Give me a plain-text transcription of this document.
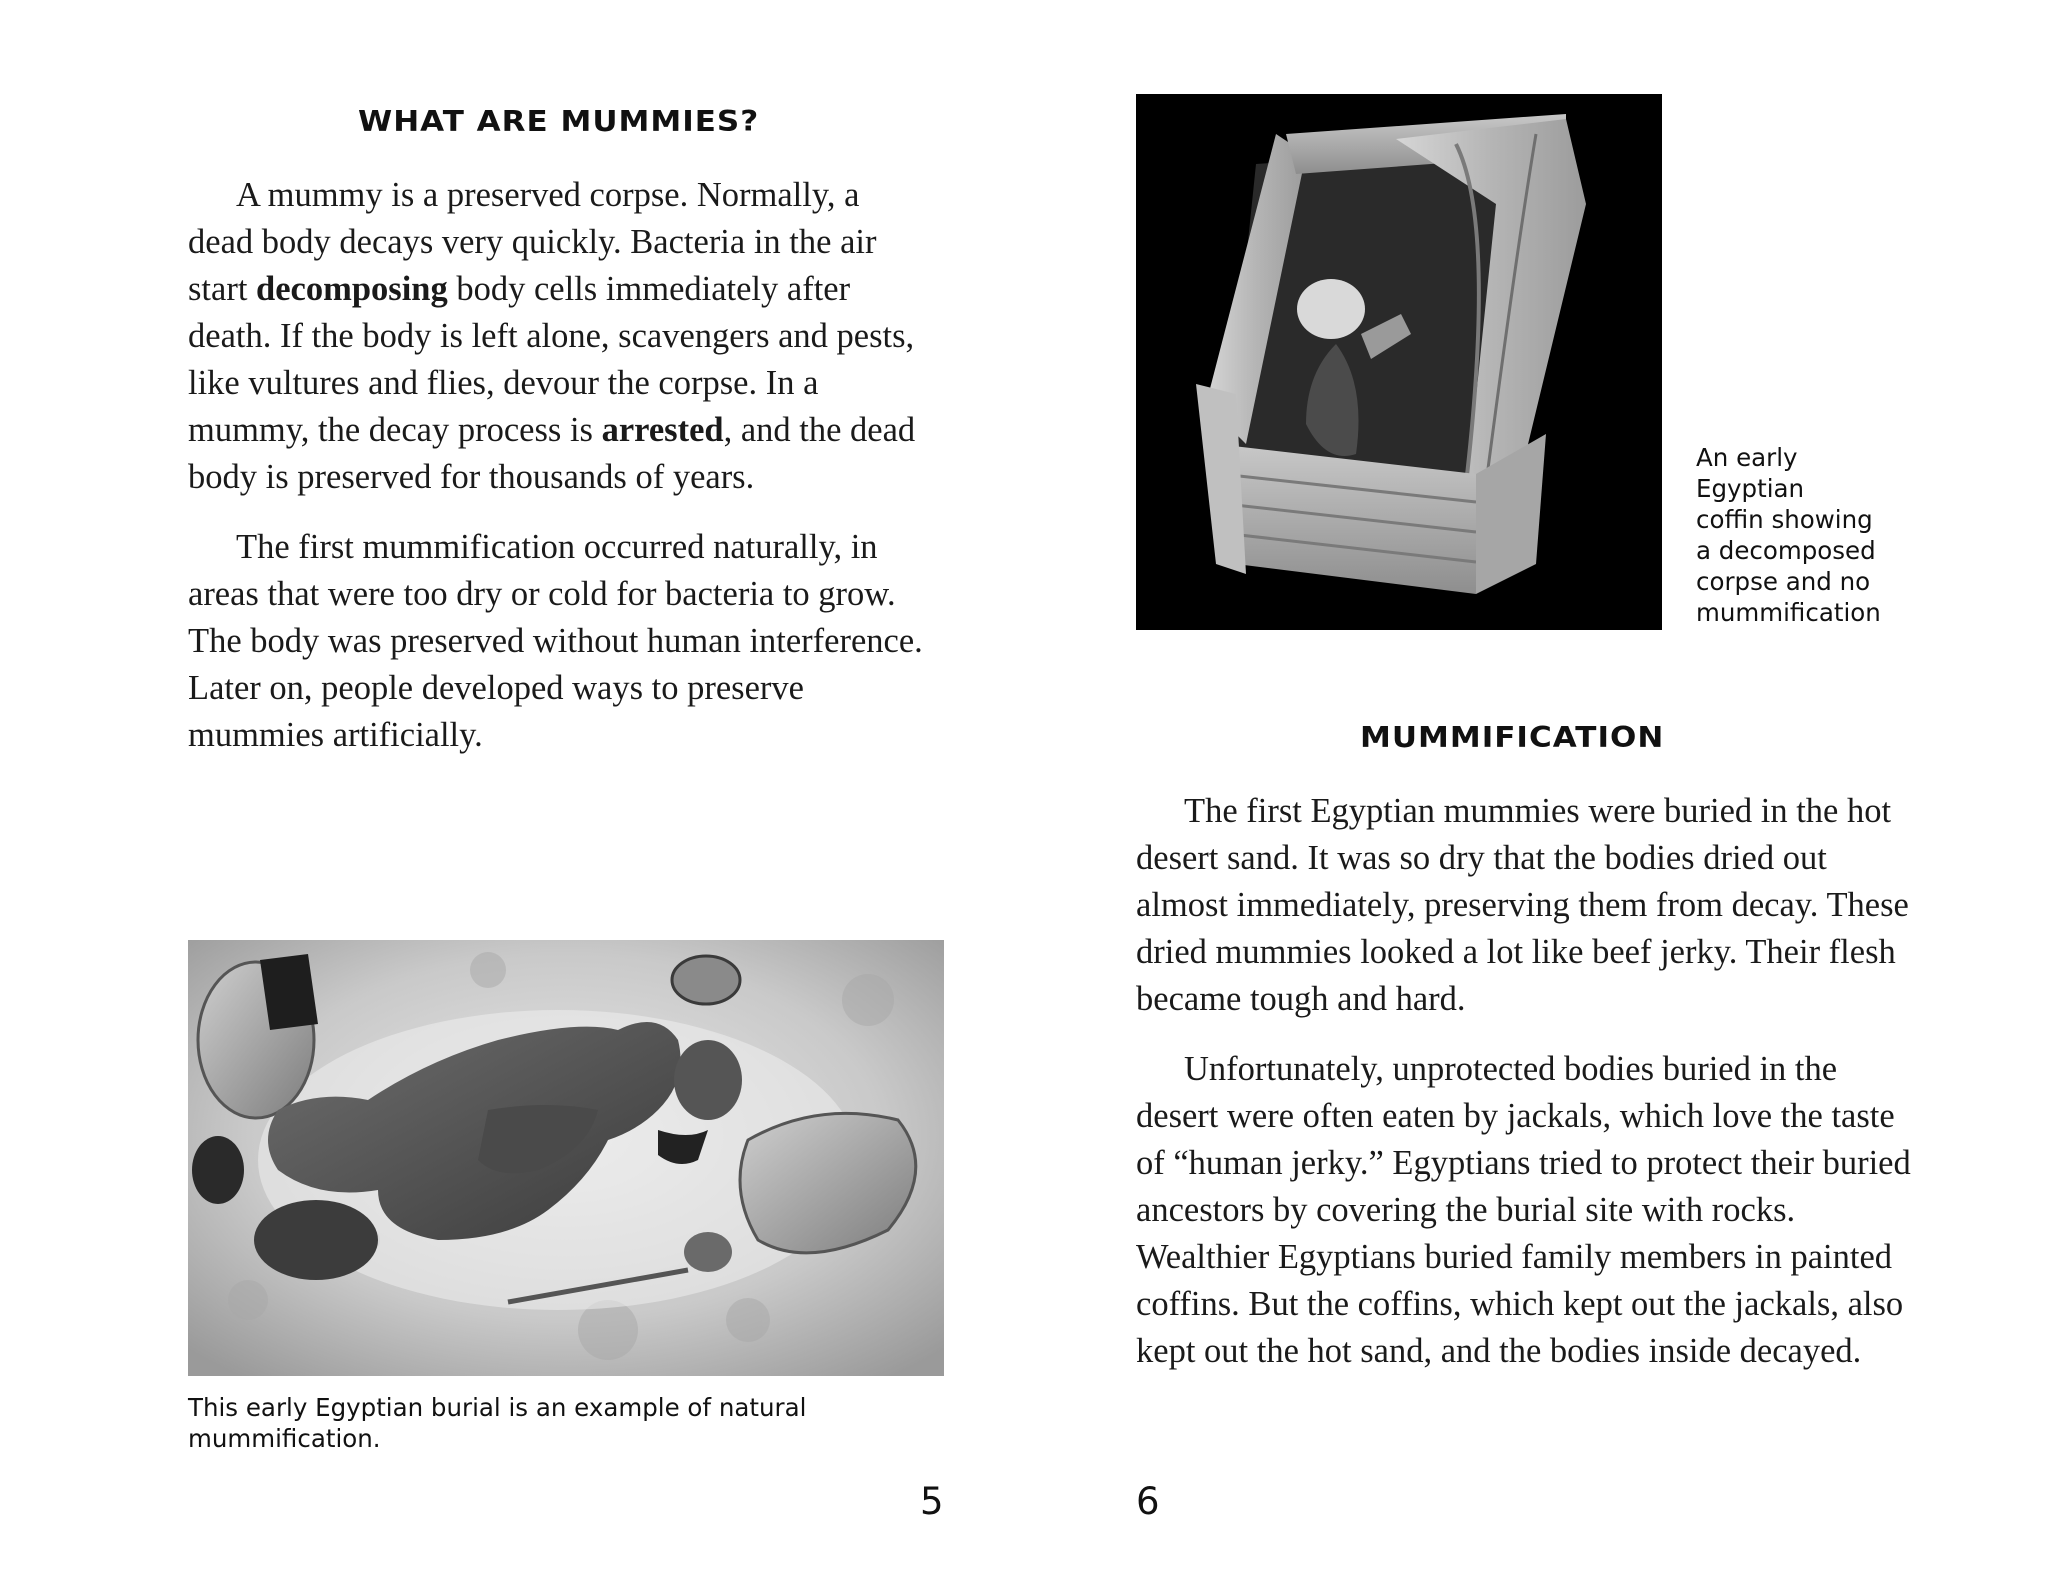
WHAT ARE MUMMIES?

A mummy is a preserved corpse. Normally, a dead body decays very quickly. Bacteria in the air start decomposing body cells immediately after death. If the body is left alone, scavengers and pests, like vultures and flies, devour the corpse. In a mummy, the decay process is arrested, and the dead body is preserved for thousands of years.

The first mummification occurred naturally, in areas that were too dry or cold for bacteria to grow. The body was preserved without human interference. Later on, people developed ways to preserve mummies artificially.

This early Egyptian burial is an example of natural mummification.
5
An early
Egyptian
coffin showing
a decomposed
corpse and no
mummification
MUMMIFICATION

The first Egyptian mummies were buried in the hot desert sand. It was so dry that the bodies dried out almost immediately, preserving them from decay. These dried mummies looked a lot like beef jerky. Their flesh became tough and hard.

Unfortunately, unprotected bodies buried in the desert were often eaten by jackals, which love the taste of “human jerky.” Egyptians tried to protect their buried ancestors by covering the burial site with rocks. Wealthier Egyptians buried family members in painted coffins. But the coffins, which kept out the jackals, also kept out the hot sand, and the bodies inside decayed.

6
